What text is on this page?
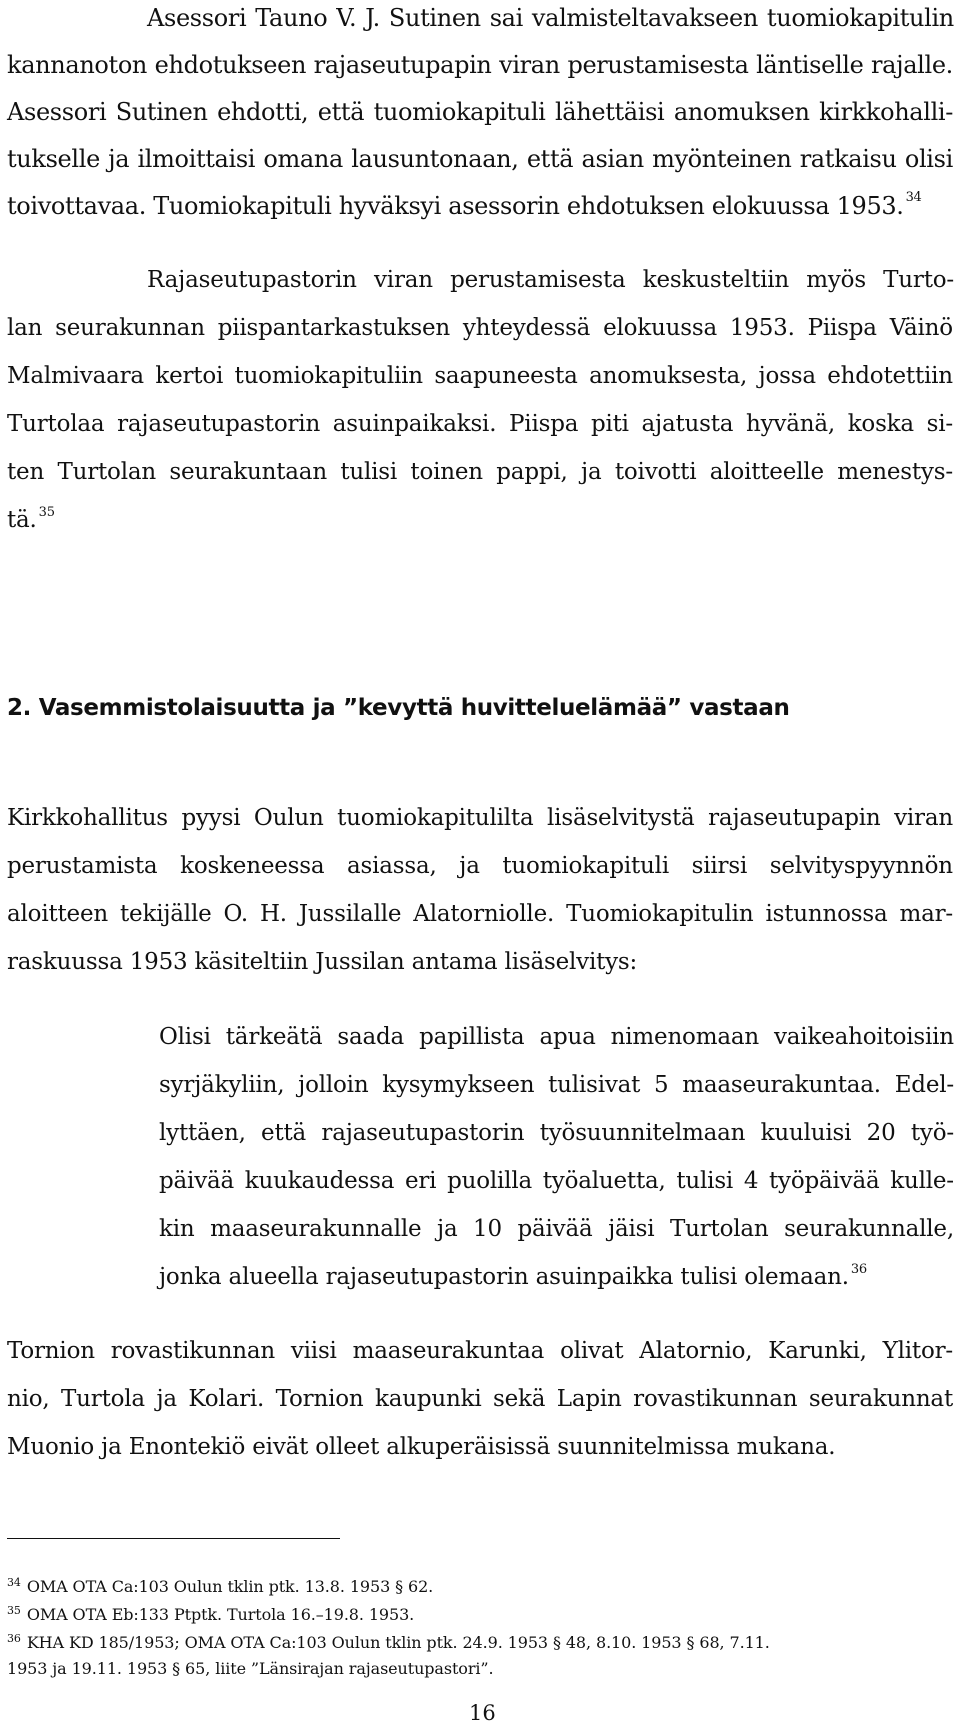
Asessori Tauno V. J. Sutinen sai valmisteltavakseen tuomiokapitulin
kannanoton ehdotukseen rajaseutupapin viran perustamisesta läntiselle rajalle.
Asessori Sutinen ehdotti, että tuomiokapituli lähettäisi anomuksen kirkkohalli-
tukselle ja ilmoittaisi omana lausuntonaan, että asian myönteinen ratkaisu olisi
toivottavaa. Tuomiokapituli hyväksyi asessorin ehdotuksen elokuussa 1953. $^{34}$
Rajaseutupastorin viran perustamisesta keskusteltiin myös Turto-
lan seurakunnan piispantarkastuksen yhteydessä elokuussa 1953. Piispa Väinö
Malmivaara kertoi tuomiokapituliin saapuneesta anomuksesta, jossa ehdotettiin
Turtolaa rajaseutupastorin asuinpaikaksi. Piispa piti ajatusta hyvänä, koska si-
ten Turtolan seurakuntaan tulisi toinen pappi, ja toivotti aloitteelle menestys-
tä. $^{35}$
2. Vasemmistolaisuutta ja ”kevyttä huvitteluelämää” vastaan
Kirkkohallitus pyysi Oulun tuomiokapitulilta lisäselvitystä rajaseutupapin viran
perustamista koskeneessa asiassa, ja tuomiokapituli siirsi selvityspyynnön
aloitteen tekijälle O. H. Jussilalle Alatorniolle. Tuomiokapitulin istunnossa mar-
raskuussa 1953 käsiteltiin Jussilan antama lisäselvitys:
Olisi tärkeätä saada papillista apua nimenomaan vaikeahoitoisiin
syrjäkyliin, jolloin kysymykseen tulisivat 5 maaseurakuntaa. Edel-
lyttäen, että rajaseutupastorin työsuunnitelmaan kuuluisi 20 työ-
päivää kuukaudessa eri puolilla työaluetta, tulisi 4 työpäivää kulle-
kin maaseurakunnalle ja 10 päivää jäisi Turtolan seurakunnalle,
jonka alueella rajaseutupastorin asuinpaikka tulisi olemaan. $^{36}$
Tornion rovastikunnan viisi maaseurakuntaa olivat Alatornio, Karunki, Ylitor-
nio, Turtola ja Kolari. Tornion kaupunki sekä Lapin rovastikunnan seurakunnat
Muonio ja Enontekiö eivät olleet alkuperäisissä suunnitelmissa mukana.
$^{34}$ OMA OTA Ca:103 Oulun tklin ptk. 13.8. 1953 § 62.
$^{35}$ OMA OTA Eb:133 Ptptk. Turtola 16.–19.8. 1953.
$^{36}$ KHA KD 185/1953; OMA OTA Ca:103 Oulun tklin ptk. 24.9. 1953 § 48, 8.10. 1953 § 68, 7.11.
1953 ja 19.11. 1953 § 65, liite ”Länsirajan rajaseutupastori”.
16
